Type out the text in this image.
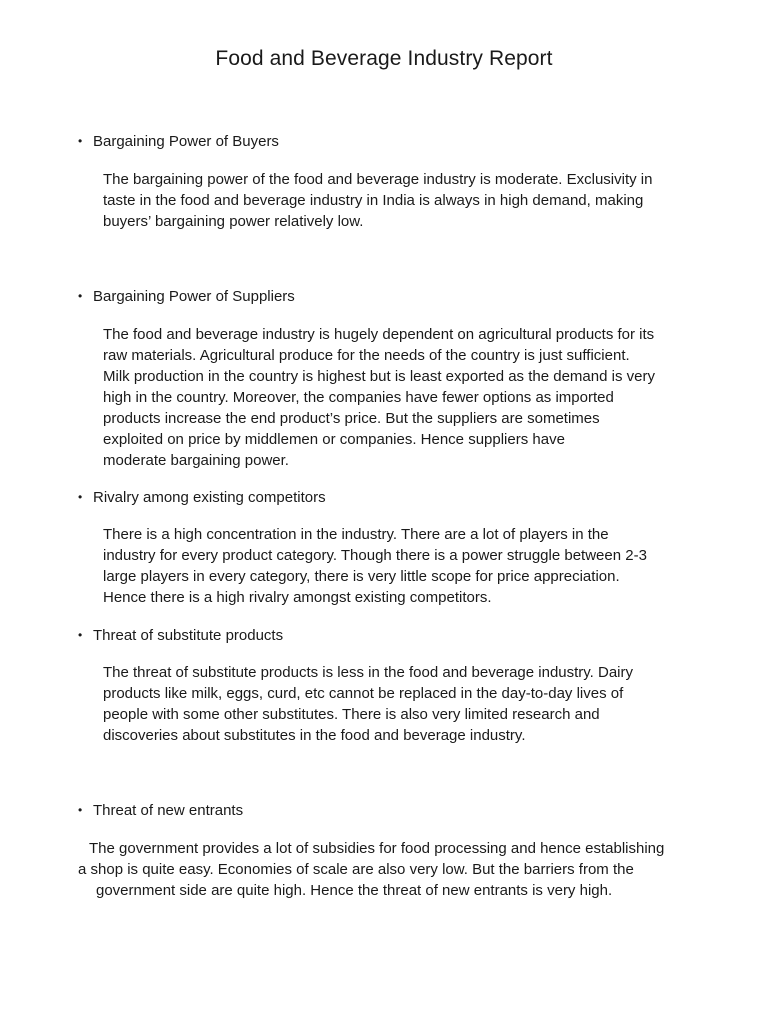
Food and Beverage Industry Report
• Bargaining Power of Buyers
The bargaining power of the food and beverage industry is moderate. Exclusivity in
taste in the food and beverage industry in India is always in high demand, making
buyers’ bargaining power relatively low.
• Bargaining Power of Suppliers
The food and beverage industry is hugely dependent on agricultural products for its
raw materials. Agricultural produce for the needs of the country is just sufficient.
Milk production in the country is highest but is least exported as the demand is very
high in the country. Moreover, the companies have fewer options as imported
products increase the end product’s price. But the suppliers are sometimes
exploited on price by middlemen or companies. Hence suppliers have
moderate bargaining power.
• Rivalry among existing competitors
There is a high concentration in the industry. There are a lot of players in the
industry for every product category. Though there is a power struggle between 2-3
large players in every category, there is very little scope for price appreciation.
Hence there is a high rivalry amongst existing competitors.
• Threat of substitute products
The threat of substitute products is less in the food and beverage industry. Dairy
products like milk, eggs, curd, etc cannot be replaced in the day-to-day lives of
people with some other substitutes. There is also very limited research and
discoveries about substitutes in the food and beverage industry.
• Threat of new entrants
The government provides a lot of subsidies for food processing and hence establishing
a shop is quite easy. Economies of scale are also very low. But the barriers from the
government side are quite high. Hence the threat of new entrants is very high.
